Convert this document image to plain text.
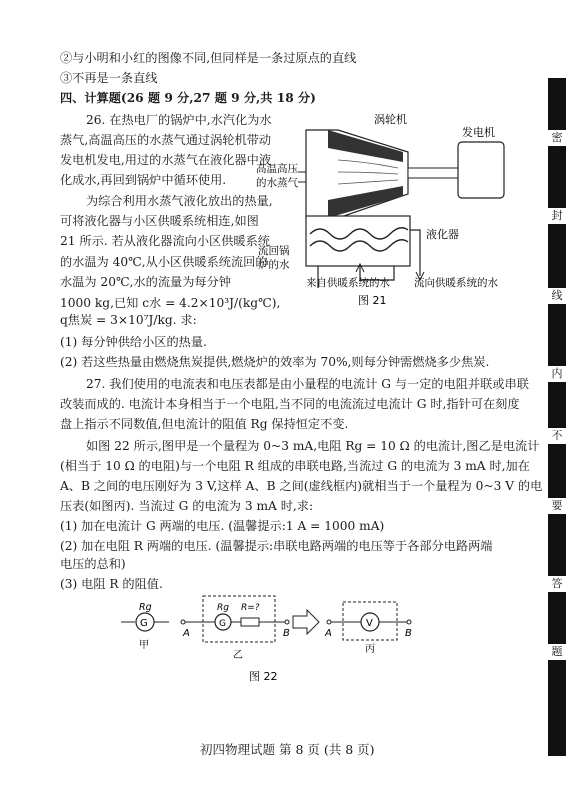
②与小明和小红的图像不同,但同样是一条过原点的直线
③不再是一条直线
四、计算题(26 题 9 分,27 题 9 分,共 18 分)
26. 在热电厂的锅炉中,水汽化为水
蒸气,高温高压的水蒸气通过涡轮机带动
发电机发电,用过的水蒸气在液化器中液
化成水,再回到锅炉中循环使用.
为综合利用水蒸气液化放出的热量,
可将液化器与小区供暖系统相连,如图
21 所示. 若从液化器流向小区供暖系统
的水温为 40℃,从小区供暖系统流回的
水温为 20℃,水的流量为每分钟
1000 kg,已知 c水 = 4.2×10³J/(kg℃),
q焦炭 = 3×10⁷J/kg. 求:
(1) 每分钟供给小区的热量.
(2) 若这些热量由燃烧焦炭提供,燃烧炉的效率为 70%,则每分钟需燃烧多少焦炭.
27. 我们使用的电流表和电压表都是由小量程的电流计 G 与一定的电阻并联或串联
改装而成的. 电流计本身相当于一个电阻,当不同的电流流过电流计 G 时,指针可在刻度
盘上指示不同数值,但电流计的阻值 Rg 保持恒定不变.
如图 22 所示,图甲是一个量程为 0~3 mA,电阻 Rg = 10 Ω 的电流计,图乙是电流计
(相当于 10 Ω 的电阻)与一个电阻 R 组成的串联电路,当流过 G 的电流为 3 mA 时,加在
A、B 之间的电压刚好为 3 V,这样 A、B 之间(虚线框内)就相当于一个量程为 0~3 V 的电
压表(如图丙). 当流过 G 的电流为 3 mA 时,求:
(1) 加在电流计 G 两端的电压. (温馨提示:1 A = 1000 mA)
(2) 加在电阻 R 两端的电压. (温馨提示:串联电路两端的电压等于各部分电路两端
电压的总和)
(3) 电阻 R 的阻值.
涡轮机
发电机
高温高压
的水蒸气
液化器
流回锅
炉的水
来自供暖系统的水 流向供暖系统的水
图 21
G
Rg
甲
A
G
Rg R=?
B
乙
A
V
B
丙
图 22
密
封
线
内
不
要
答
题
初四物理试题 第 8 页 (共 8 页)
